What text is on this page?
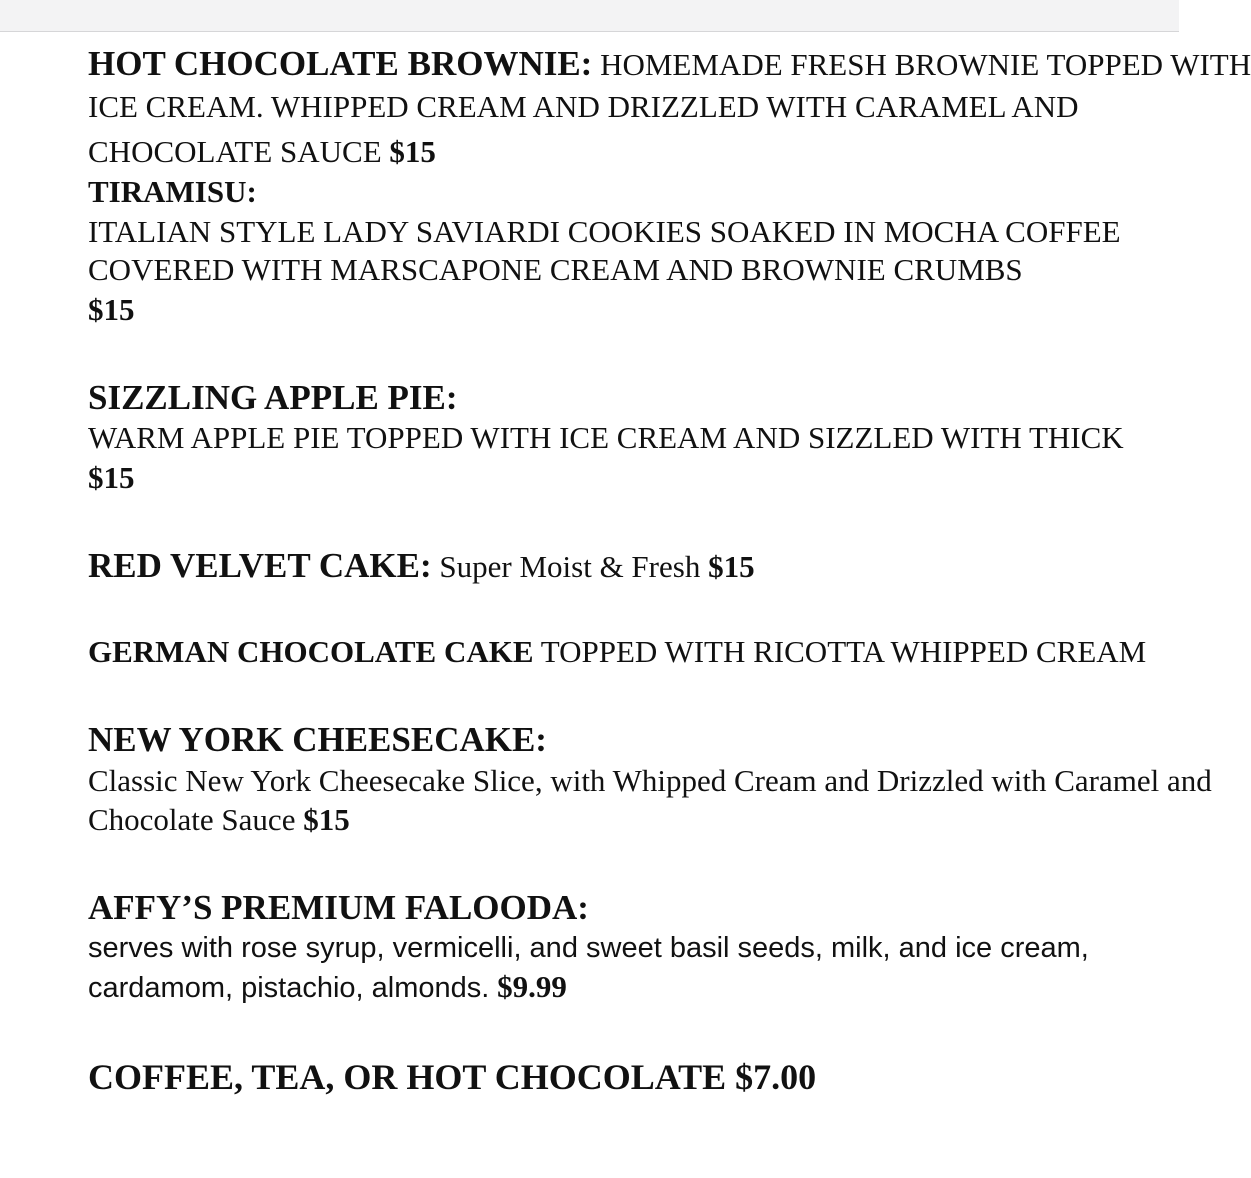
HOT CHOCOLATE BROWNIE: HOMEMADE FRESH BROWNIE TOPPED WITH
ICE CREAM. WHIPPED CREAM AND DRIZZLED WITH CARAMEL AND
CHOCOLATE SAUCE $15
TIRAMISU:
ITALIAN STYLE LADY SAVIARDI COOKIES SOAKED IN MOCHA COFFEE
COVERED WITH MARSCAPONE CREAM AND BROWNIE CRUMBS
$15
SIZZLING APPLE PIE:
WARM APPLE PIE TOPPED WITH ICE CREAM AND SIZZLED WITH THICK
$15
RED VELVET CAKE: Super Moist & Fresh $15
GERMAN CHOCOLATE CAKE TOPPED WITH RICOTTA WHIPPED CREAM
NEW YORK CHEESECAKE:
Classic New York Cheesecake Slice, with Whipped Cream and Drizzled with Caramel and
Chocolate Sauce $15
AFFY’S PREMIUM FALOODA:
serves with rose syrup, vermicelli, and sweet basil seeds, milk, and ice cream,
cardamom, pistachio, almonds. $9.99
COFFEE, TEA, OR HOT CHOCOLATE $7.00
